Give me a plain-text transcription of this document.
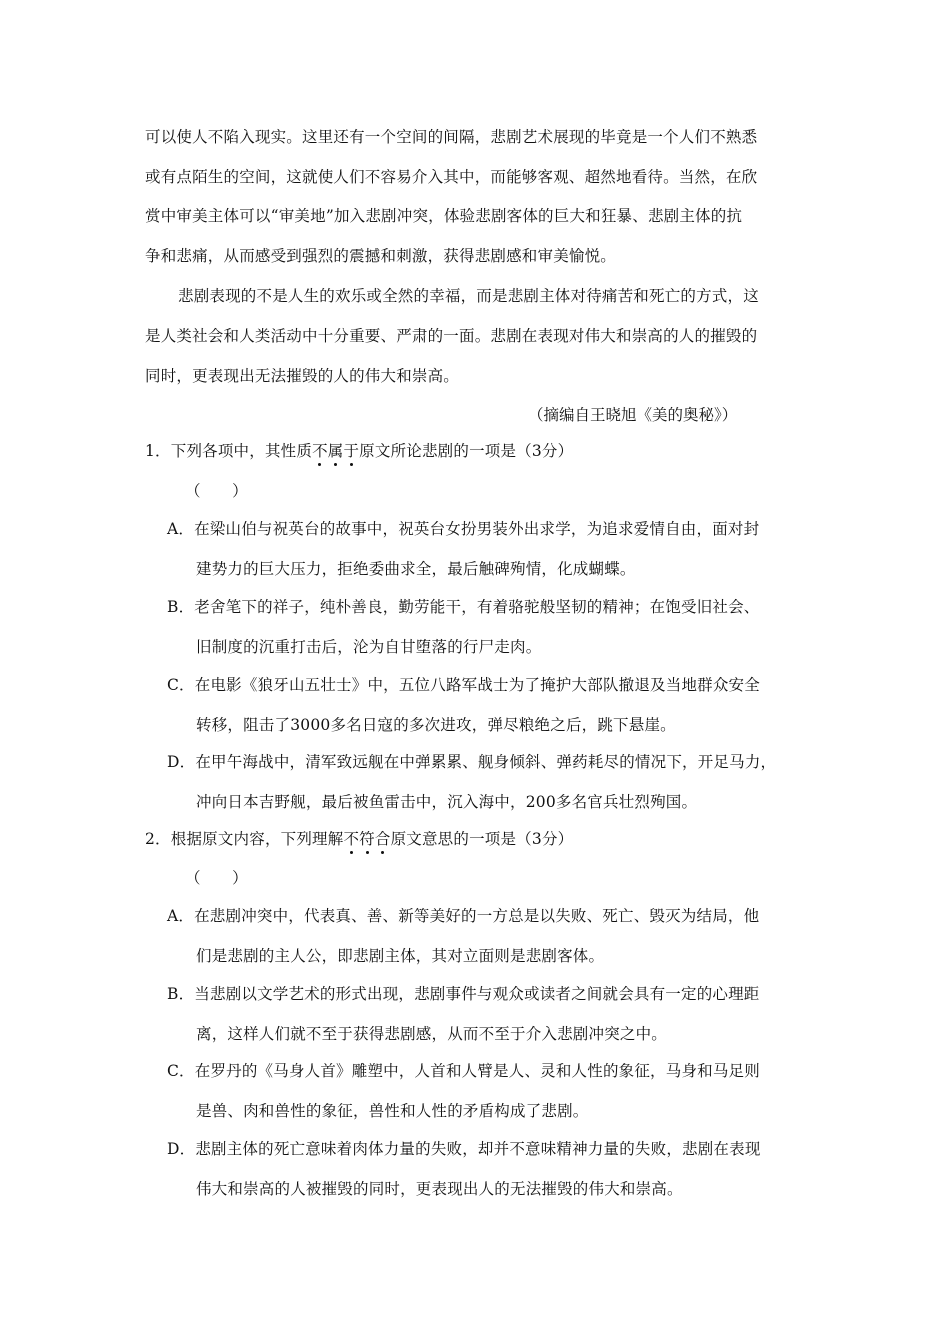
可以使人不陷入现实。这里还有一个空间的间隔，悲剧艺术展现的毕竟是一个人们不熟悉
或有点陌生的空间，这就使人们不容易介入其中，而能够客观、超然地看待。当然，在欣
赏中审美主体可以“审美地”加入悲剧冲突，体验悲剧客体的巨大和狂暴、悲剧主体的抗
争和悲痛，从而感受到强烈的震撼和刺激，获得悲剧感和审美愉悦。
悲剧表现的不是人生的欢乐或全然的幸福，而是悲剧主体对待痛苦和死亡的方式，这
是人类社会和人类活动中十分重要、严肃的一面。悲剧在表现对伟大和崇高的人的摧毁的
同时，更表现出无法摧毁的人的伟大和崇高。
（摘编自王晓旭《美的奥秘》）
1．下列各项中，其性质不属于原文所论悲剧的一项是（3分）
（　　）
A．在梁山伯与祝英台的故事中，祝英台女扮男装外出求学，为追求爱情自由，面对封
建势力的巨大压力，拒绝委曲求全，最后触碑殉情，化成蝴蝶。
B．老舍笔下的祥子，纯朴善良，勤劳能干，有着骆驼般坚韧的精神；在饱受旧社会、
旧制度的沉重打击后，沦为自甘堕落的行尸走肉。
C．在电影《狼牙山五壮士》中，五位八路军战士为了掩护大部队撤退及当地群众安全
转移，阻击了3000多名日寇的多次进攻，弹尽粮绝之后，跳下悬崖。
D．在甲午海战中，清军致远舰在中弹累累、舰身倾斜、弹药耗尽的情况下，开足马力，
冲向日本吉野舰，最后被鱼雷击中，沉入海中，200多名官兵壮烈殉国。
2．根据原文内容，下列理解不符合原文意思的一项是（3分）
（　　）
A．在悲剧冲突中，代表真、善、新等美好的一方总是以失败、死亡、毁灭为结局，他
们是悲剧的主人公，即悲剧主体，其对立面则是悲剧客体。
B．当悲剧以文学艺术的形式出现，悲剧事件与观众或读者之间就会具有一定的心理距
离，这样人们就不至于获得悲剧感，从而不至于介入悲剧冲突之中。
C．在罗丹的《马身人首》雕塑中，人首和人臂是人、灵和人性的象征，马身和马足则
是兽、肉和兽性的象征，兽性和人性的矛盾构成了悲剧。
D．悲剧主体的死亡意味着肉体力量的失败，却并不意味精神力量的失败，悲剧在表现
伟大和崇高的人被摧毁的同时，更表现出人的无法摧毁的伟大和崇高。
